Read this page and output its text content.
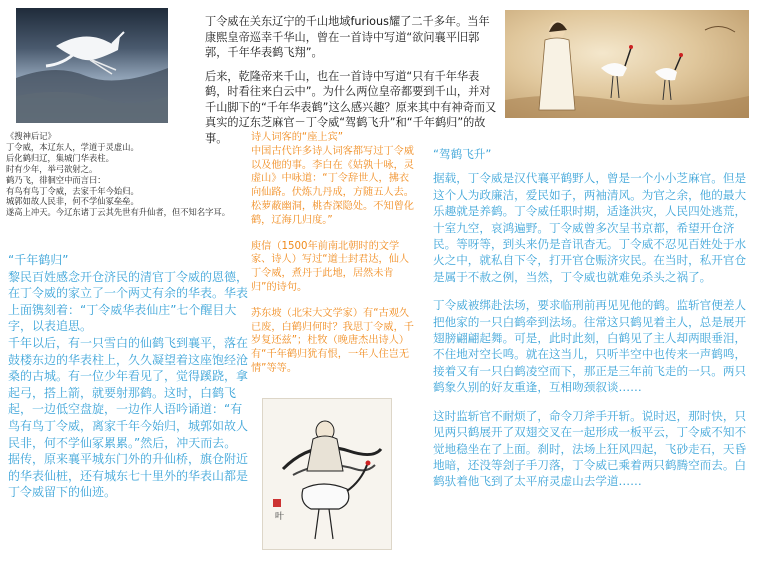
丁令威在关东辽宁的千山地域furious耀了二千多年。当年康熙皇帝巡幸千华山，曾在一首诗中写道“欲问襄平旧郭郭，千年华表鹤飞翔”。

后来，乾隆帝来千山，也在一首诗中写道“只有千年华表鹤，时看往来白云中”。为什么两位皇帝都要到千山，并对千山脚下的“千年华表鹤”这么感兴趣？原来其中有神奇而又真实的辽东芝麻官－丁令威“驾鹤飞升”和“千年鹤归”的故事。

《搜神后记》

丁令威，本辽东人，学道于灵虚山。

后化鹤归辽，集城门华表柱。

时有少年，举弓欲射之。

鹤乃飞，徘徊空中而言曰：

有鸟有鸟丁令威，去家千年今始归。

城郭如故人民非，何不学仙冢垒垒。

遂高上冲天。今辽东诸丁云其先世有升仙者，但不知名字耳。

诗人词客的“座上宾”

中国古代许多诗人词客都写过丁令威以及他的事。李白在《姑孰十咏，灵虚山》中咏道：“丁令辞世人，拂衣向仙路。伏炼九丹成，方随五人去。松萝蔽幽洞，桃杏深隐处。不知曾化鹤，辽海几归度。”

庾信（1500年前南北朝时的文学家、诗人）写过“道士封君达，仙人丁令威，煮丹于此地，居然未肯归”的诗句。

苏东坡（北宋大文学家）有“古观久已废，白鹤归何时？我思丁令威，千岁复还兹”；杜牧（晚唐杰出诗人）有“千年鹤归犹有恨，一年人住岂无情”等等。

“千年鹤归”

黎民百姓感念开仓济民的清官丁令威的恩德，在丁令威的家立了一个两丈有余的华表。华表上面镌刻着：“丁令威华表仙庄”七个醒目大字，以表追思。

千年以后，有一只雪白的仙鹤飞到襄平，落在鼓楼东边的华表柱上，久久凝望着这座饱经沧桑的古城。有一位少年看见了，觉得蹊跷，拿起弓，搭上箭，就要射那鹤。这时，白鹤飞起，一边低空盘旋，一边作人语吟诵道：“有鸟有鸟丁令威，离家千年今始归，城郭如故人民非，何不学仙冢累累。”然后，冲天而去。

据传，原来襄平城东门外的升仙桥，旗仓附近的华表仙桩，还有城东七十里外的华表山都是丁令威留下的仙迹。

叶

“驾鹤飞升”

据载，丁令威是汉代襄平鹤野人，曾是一个小小芝麻官。但是这个人为政廉洁，爱民如子，两袖清风。为官之余，他的最大乐趣就是养鹤。丁令威任职时期，适逢洪灾，人民四处逃荒，十室九空，哀鸿遍野。丁令威曾多次呈书京都，希望开仓济民。等呀等，到头来仍是音讯杳无。丁令威不忍见百姓处于水火之中，就私自下令，打开官仓赈济灾民。在当时，私开官仓是属于不赦之例，当然，丁令威也就难免杀头之祸了。

丁令威被绑赴法场，要求临刑前再见见他的鹤。监斩官便差人把他家的一只白鹤牵到法场。往常这只鹤见着主人，总是展开翅膀翩翩起舞。可是，此时此刻，白鹤见了主人却两眼垂泪，不住地对空长鸣。就在这当儿，只听半空中也传来一声鹤鸣，接着又有一只白鹤凌空而下，那正是三年前飞走的一只。两只鹤象久别的好友重逢，互相吻颈叙谈……

这时监斩官不耐烦了，命令刀斧手开斩。说时迟，那时快，只见两只鹤展开了双翅交叉在一起形成一板平云，丁令威不知不觉地稳坐在了上面。刹时，法场上狂风四起，飞砂走石，天昏地暗，还没等刽子手刀落，丁令威已乘着两只鹤腾空而去。白鹤驮着他飞到了太平府灵虚山去学道……
